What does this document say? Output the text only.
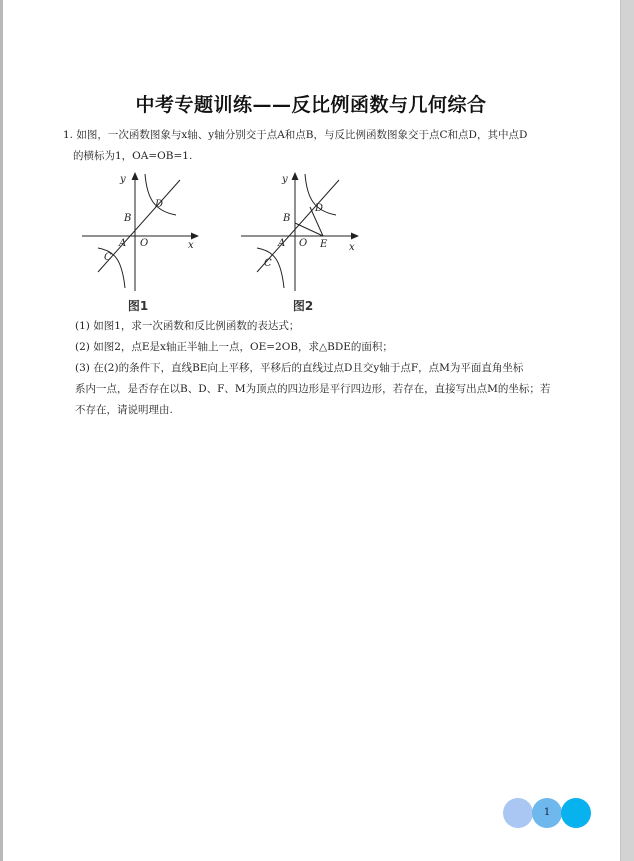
中考专题训练——反比例函数与几何综合
1. 如图，一次函数图象与x轴、y轴分别交于点A和点B，与反比例函数图象交于点C和点D，其中点D
的横标为1，OA=OB=1.
y
x
B
D
A O
C
图1
y
x
B
D
A O E
C
图2

(1) 如图1，求一次函数和反比例函数的表达式；

(2) 如图2，点E是x轴正半轴上一点，OE=2OB，求△BDE的面积；

(3) 在(2)的条件下，直线BE向上平移，平移后的直线过点D且交y轴于点F，点M为平面直角坐标

系内一点，是否存在以B、D、F、M为顶点的四边形是平行四边形，若存在，直接写出点M的坐标；若

不存在，请说明理由.

1
